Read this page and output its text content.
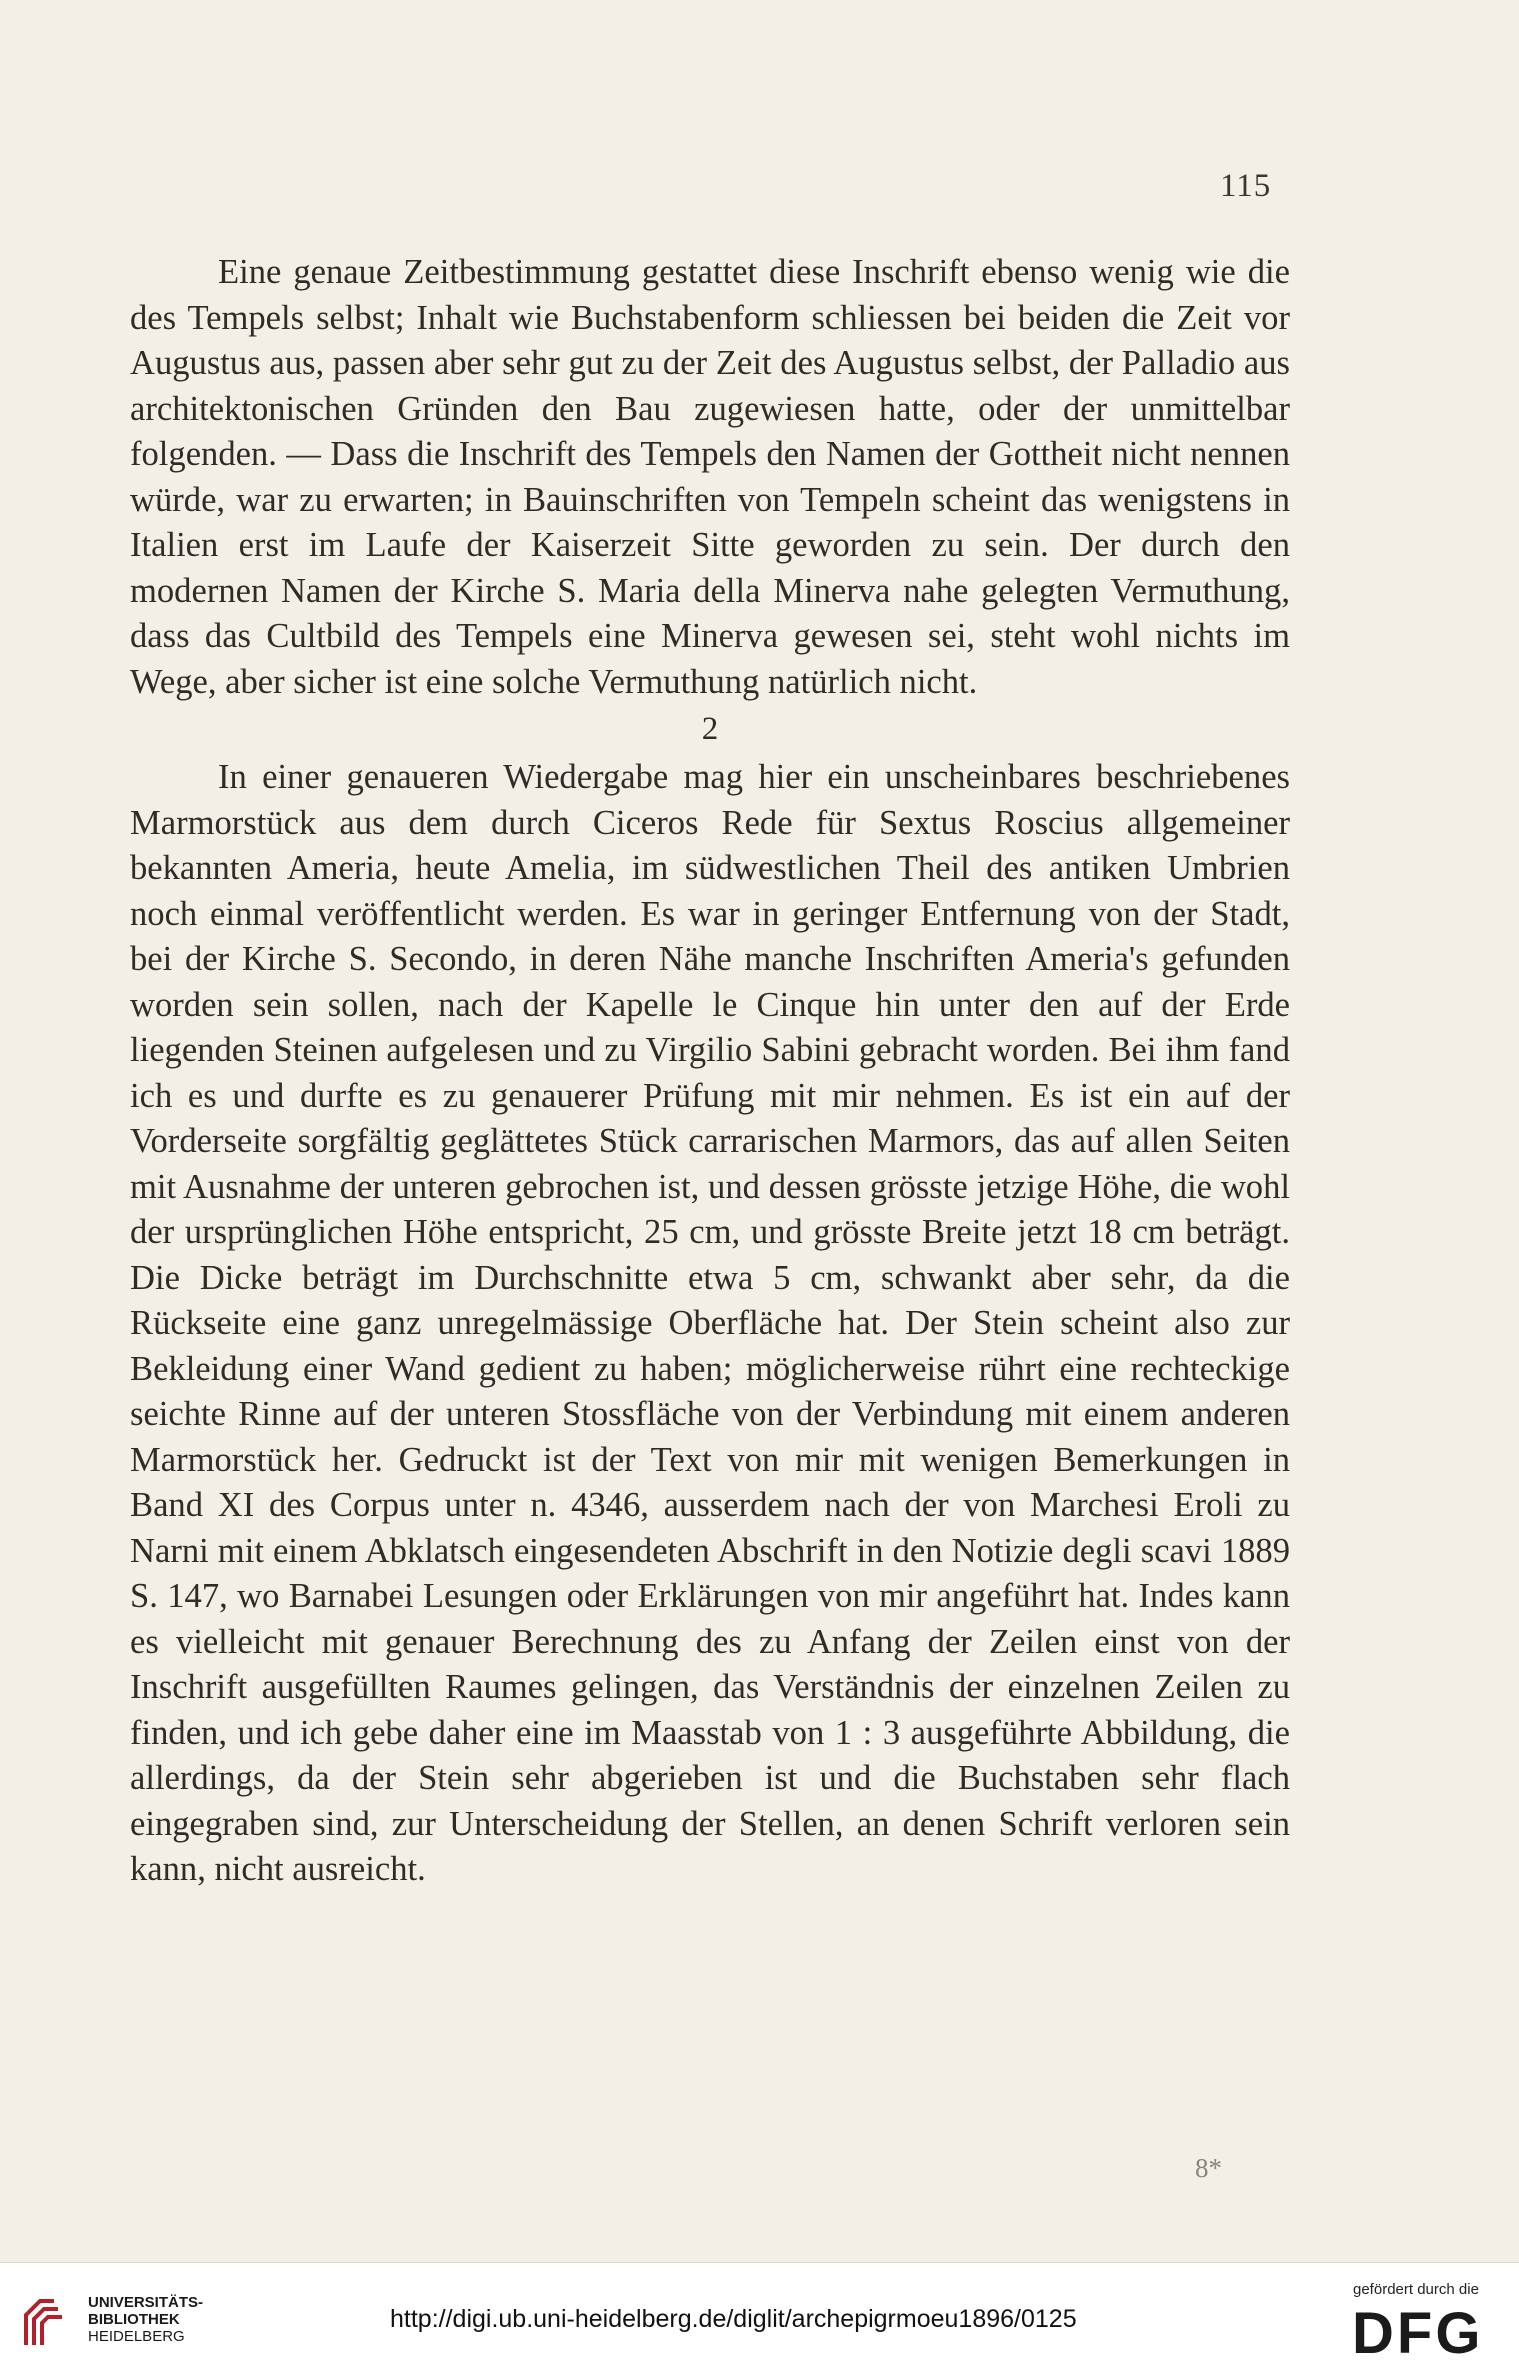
115

Eine genaue Zeitbestimmung gestattet diese Inschrift ebenso wenig wie die des Tempels selbst; Inhalt wie Buchstabenform schliessen bei beiden die Zeit vor Augustus aus, passen aber sehr gut zu der Zeit des Augustus selbst, der Palladio aus architektonischen Gründen den Bau zugewiesen hatte, oder der unmittelbar folgenden. — Dass die Inschrift des Tempels den Namen der Gottheit nicht nennen würde, war zu erwarten; in Bauinschriften von Tempeln scheint das wenigstens in Italien erst im Laufe der Kaiserzeit Sitte geworden zu sein. Der durch den modernen Namen der Kirche S. Maria della Minerva nahe gelegten Vermuthung, dass das Cultbild des Tempels eine Minerva gewesen sei, steht wohl nichts im Wege, aber sicher ist eine solche Vermuthung natürlich nicht.

2

In einer genaueren Wiedergabe mag hier ein unscheinbares beschriebenes Marmorstück aus dem durch Ciceros Rede für Sextus Roscius allgemeiner bekannten Ameria, heute Amelia, im südwestlichen Theil des antiken Umbrien noch einmal veröffentlicht werden. Es war in geringer Entfernung von der Stadt, bei der Kirche S. Secondo, in deren Nähe manche Inschriften Ameria's gefunden worden sein sollen, nach der Kapelle le Cinque hin unter den auf der Erde liegenden Steinen aufgelesen und zu Virgilio Sabini gebracht worden. Bei ihm fand ich es und durfte es zu genauerer Prüfung mit mir nehmen. Es ist ein auf der Vorderseite sorgfältig geglättetes Stück carrarischen Marmors, das auf allen Seiten mit Ausnahme der unteren gebrochen ist, und dessen grösste jetzige Höhe, die wohl der ursprünglichen Höhe entspricht, 25 cm, und grösste Breite jetzt 18 cm beträgt. Die Dicke beträgt im Durchschnitte etwa 5 cm, schwankt aber sehr, da die Rückseite eine ganz unregelmässige Oberfläche hat. Der Stein scheint also zur Bekleidung einer Wand gedient zu haben; möglicherweise rührt eine rechteckige seichte Rinne auf der unteren Stossfläche von der Verbindung mit einem anderen Marmorstück her. Gedruckt ist der Text von mir mit wenigen Bemerkungen in Band XI des Corpus unter n. 4346, ausserdem nach der von Marchesi Eroli zu Narni mit einem Abklatsch eingesendeten Abschrift in den Notizie degli scavi 1889 S. 147, wo Barnabei Lesungen oder Erklärungen von mir angeführt hat. Indes kann es vielleicht mit genauer Berechnung des zu Anfang der Zeilen einst von der Inschrift ausgefüllten Raumes gelingen, das Verständnis der einzelnen Zeilen zu finden, und ich gebe daher eine im Maasstab von 1 : 3 ausgeführte Abbildung, die allerdings, da der Stein sehr abgerieben ist und die Buchstaben sehr flach eingegraben sind, zur Unterscheidung der Stellen, an denen Schrift verloren sein kann, nicht ausreicht.

8*
UNIVERSITÄTS-
BIBLIOTHEK
HEIDELBERG
http://digi.ub.uni-heidelberg.de/diglit/archepigrmoeu1896/0125
gefördert durch die
DFG
